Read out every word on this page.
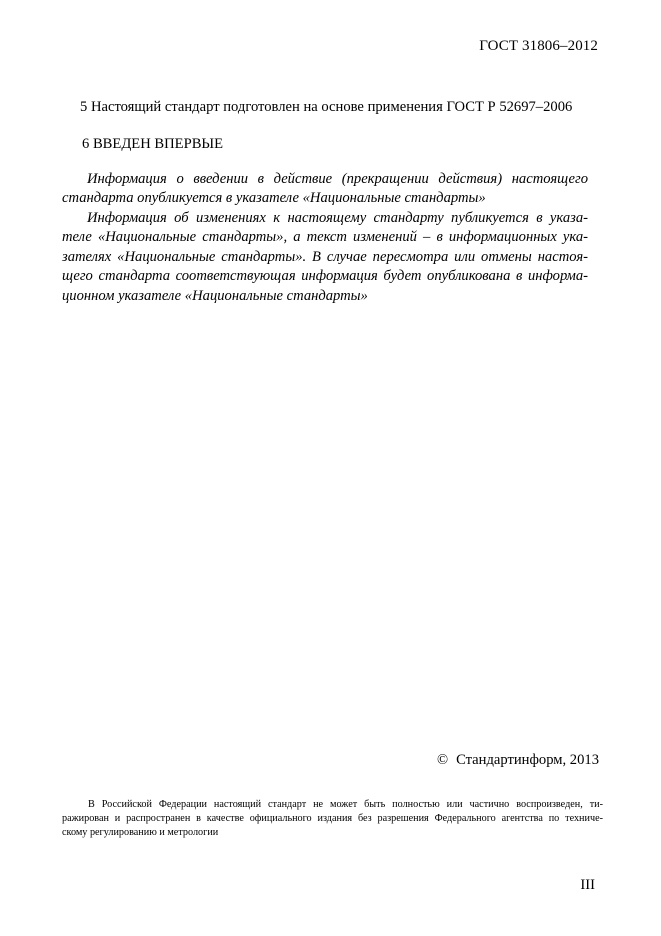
ГОСТ 31806–2012
5 Настоящий стандарт подготовлен на основе применения ГОСТ Р 52697–2006
6 ВВЕДЕН ВПЕРВЫЕ
Информация о введении в действие (прекращении действия) настоящего
стандарта опубликуется в указателе «Национальные стандарты»
Информация об изменениях к настоящему стандарту публикуется в указа-
теле «Национальные стандарты», а текст изменений – в информационных ука-
зателях «Национальные стандарты». В случае пересмотра или отмены настоя-
щего стандарта соответствующая информация будет опубликована в информа-
ционном указателе «Национальные стандарты»
© Стандартинформ, 2013
В Российской Федерации настоящий стандарт не может быть полностью или частично воспроизведен, ти-
ражирован и распространен в качестве официального издания без разрешения Федерального агентства по техниче-
скому регулированию и метрологии
III
